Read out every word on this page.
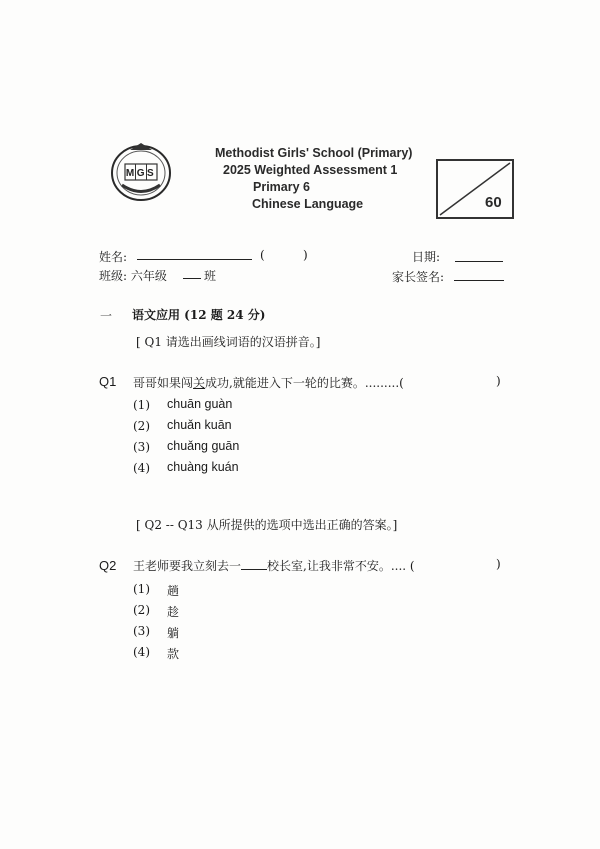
MGS
Methodist Girls' School (Primary)
2025 Weighted Assessment 1
Primary 6
Chinese Language	60
姓名:	(	)	日期:
班级: 六年级	班	家长签名:
一 语文应用 (12 题 24 分)
[ Q1 请选出画线词语的汉语拼音。]
Q1 哥哥如果闯关成功,就能进入下一轮的比赛。.........(	)
(1) chuān guàn
(2) chuǎn kuān
(3) chuǎng guān
(4) chuàng kuán
[ Q2 -- Q13 从所提供的选项中选出正确的答案。]
Q2 王老师要我立刻去一 校长室,让我非常不安。.... (	)
(1) 趟
(2) 趁
(3) 躺
(4) 款
